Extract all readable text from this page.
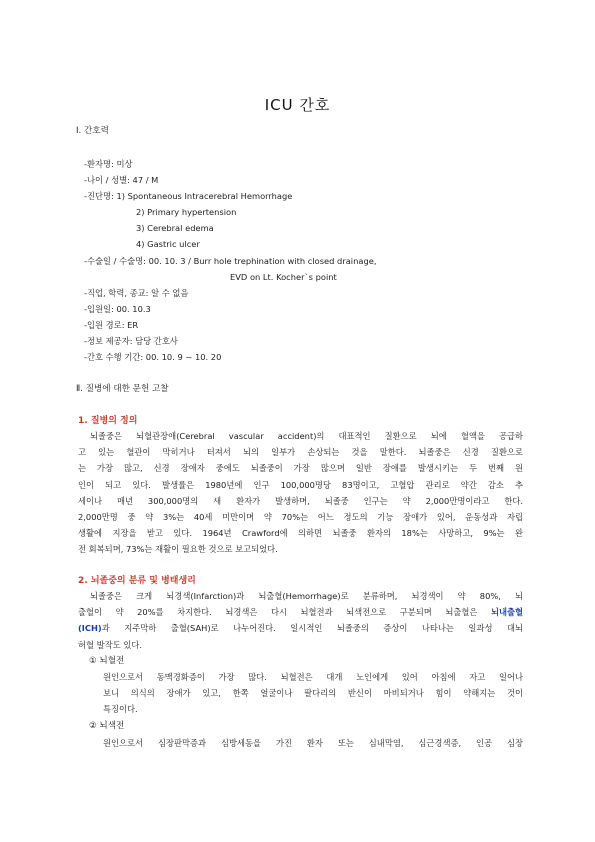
ICU 간호
Ⅰ. 간호력
-환자명: 미상
-나이 / 성별: 47 / M
-진단명: 1) Spontaneous Intracerebral Hemorrhage
2) Primary hypertension
3) Cerebral edema
4) Gastric ulcer
-수술일 / 수술명: 00. 10. 3 / Burr hole trephination with closed drainage,
EVD on Lt. Kocher`s point
-직업, 학력, 종교: 알 수 없음
-입원일: 00. 10.3
-입원 경로: ER
-정보 제공자: 담당 간호사
-간호 수행 기간: 00. 10. 9 ~ 10. 20
Ⅱ. 질병에 대한 문헌 고찰
1. 질병의 정의
뇌졸중은 뇌혈관장애(Cerebral vascular accident)의 대표적인 질환으로 뇌에 혈액을 공급하
고 있는 혈관이 막히거나 터져서 뇌의 일부가 손상되는 것을 말한다. 뇌졸중은 신경 질환으로
는 가장 많고, 신경 장애자 중에도 뇌졸중이 가장 많으며 일반 장애를 발생시키는 두 번째 원
인이 되고 있다. 발생률은 1980년에 인구 100,000명당 83명이고, 고혈압 관리로 약간 감소 추
세이나 매년 300,000명의 새 환자가 발생하며, 뇌졸중 인구는 약 2,000만명이라고 한다.
2,000만명 중 약 3%는 40세 미만이며 약 70%는 어느 정도의 기능 장애가 있어, 운동성과 자립
생활에 지장을 받고 있다. 1964년 Crawford에 의하면 뇌졸중 환자의 18%는 사망하고, 9%는 완
전 회복되며, 73%는 재활이 필요한 것으로 보고되었다.
2. 뇌졸중의 분류 및 병태생리
뇌졸중은 크게 뇌경색(Infarction)과 뇌출혈(Hemorrhage)로 분류하며, 뇌경색이 약 80%, 뇌
출혈이 약 20%를 차지한다. 뇌경색은 다시 뇌혈전과 뇌색전으로 구분되며 뇌출혈은 뇌내출혈
(ICH)과 지주막하 출혈(SAH)로 나누어진다. 일시적인 뇌졸중의 증상이 나타나는 일과성 대뇌
허혈 발작도 있다.
① 뇌혈전
원인으로서 동맥경화증이 가장 많다. 뇌혈전은 대개 노인에게 있어 아침에 자고 일어나
보니 의식의 장애가 있고, 한쪽 얼굴이나 팔다리의 반신이 마비되거나 힘이 약해지는 것이
특징이다.
② 뇌색전
원인으로서 심장판막증과 심방세동을 가진 환자 또는 심내막염, 심근경색증, 인공 심장
